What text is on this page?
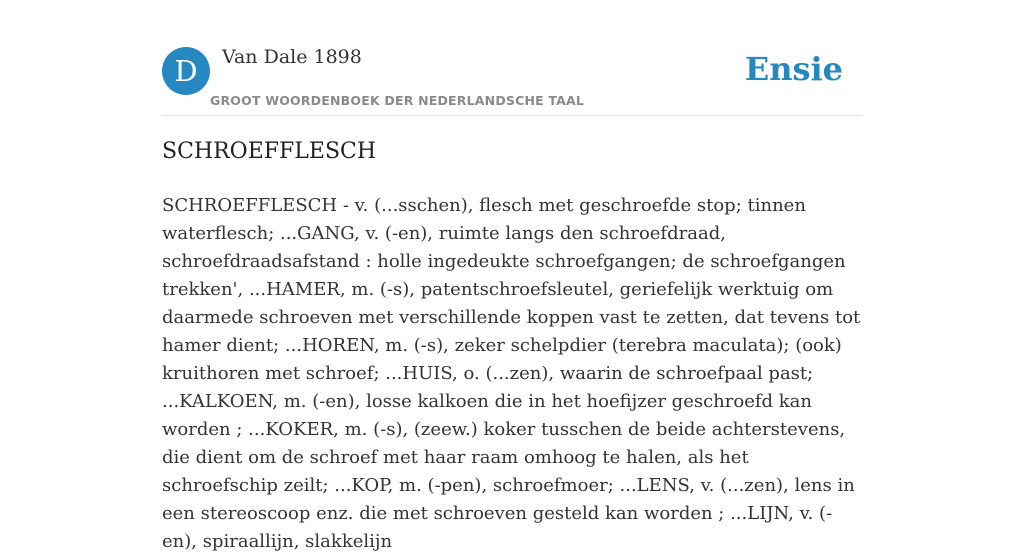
D	Van Dale 1898
GROOT WOORDENBOEK DER NEDERLANDSCHE TAAL
Ensie
SCHROEFFLESCH

SCHROEFFLESCH - v. (...sschen), flesch met geschroefde stop; tinnen waterflesch; ...GANG, v. (-en), ruimte langs den schroefdraad, schroefdraadsafstand : holle ingedeukte schroefgangen; de schroefgangen trekken', ...HAMER, m. (-s), patentschroefsleutel, geriefelijk werktuig om daarmede schroeven met verschillende koppen vast te zetten, dat tevens tot hamer dient; ...HOREN, m. (-s), zeker schelpdier (terebra maculata); (ook) kruithoren met schroef; ...HUIS, o. (...zen), waarin de schroefpaal past; ...KALKOEN, m. (-en), losse kalkoen die in het hoefijzer geschroefd kan worden ; ...KOKER, m. (-s), (zeew.) koker tusschen de beide achterstevens, die dient om de schroef met haar raam omhoog te halen, als het schroefschip zeilt; ...KOP, m. (-pen), schroefmoer; ...LENS, v. (...zen), lens in een stereoscoop enz. die met schroeven gesteld kan worden ; ...LIJN, v. (-en), spiraallijn, slakkelijn
